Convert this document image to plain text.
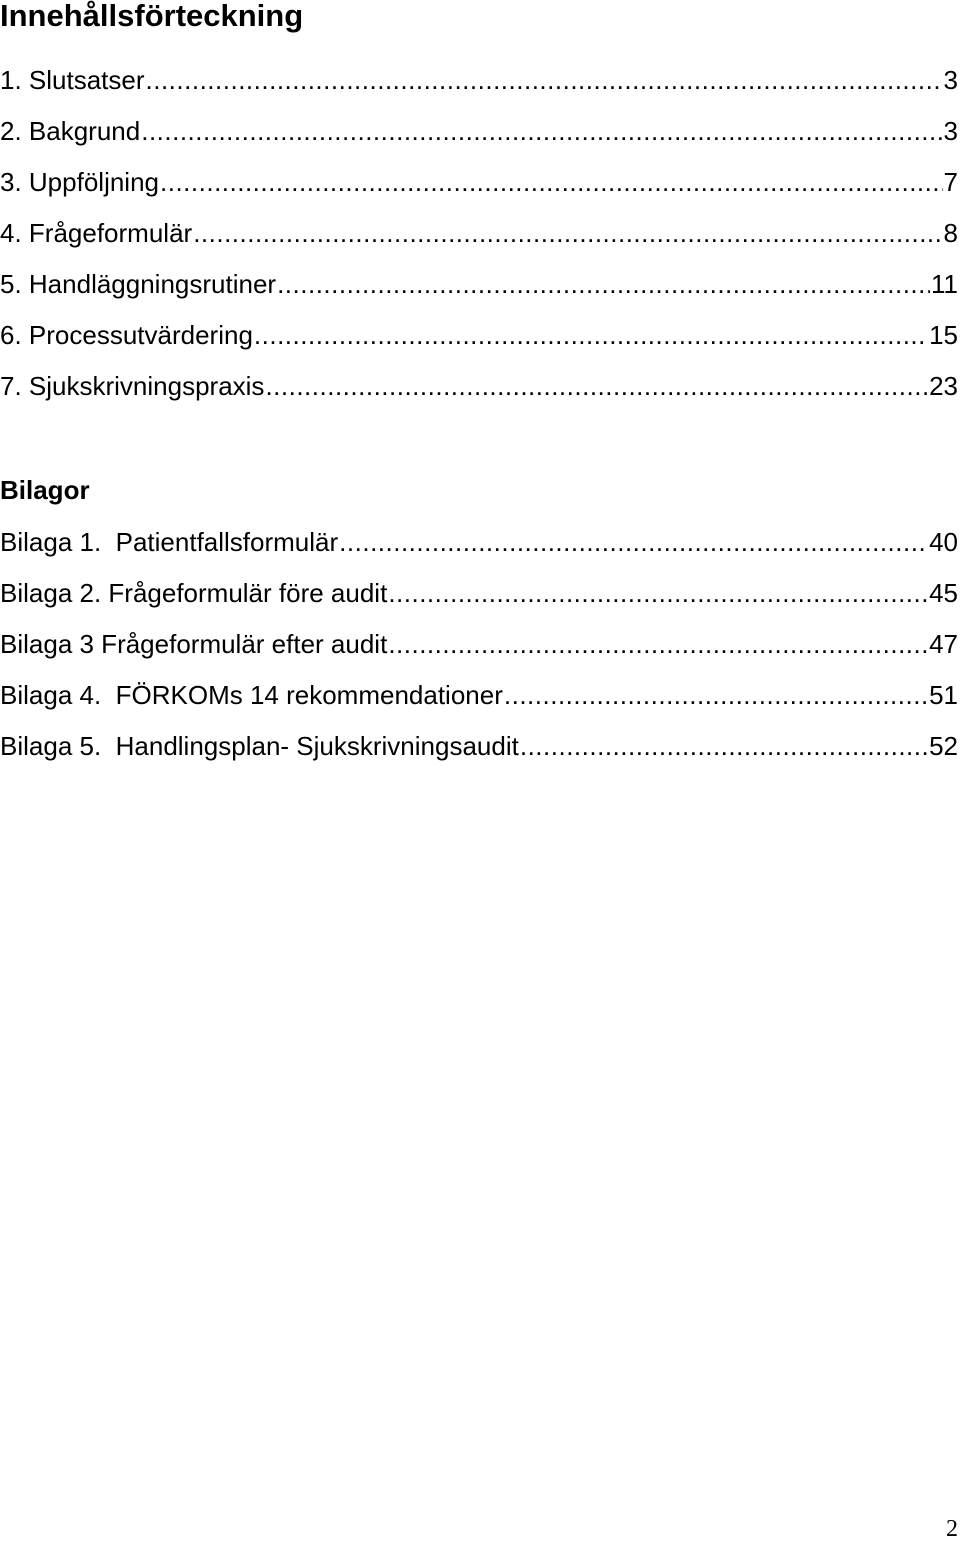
Innehållsförteckning
1. Slutsatser .....	3
2. Bakgrund .....	3
3. Uppföljning .....	7
4. Frågeformulär .....	8
5. Handläggningsrutiner .....	11
6. Processutvärdering .....	15
7. Sjukskrivningspraxis .....	23
Bilagor
Bilaga 1.  Patientfallsformulär .....	40
Bilaga 2. Frågeformulär före audit .....	45
Bilaga 3 Frågeformulär efter audit .....	47
Bilaga 4.  FÖRKOMs 14 rekommendationer .....	51
Bilaga 5.  Handlingsplan- Sjukskrivningsaudit .....	52
2
